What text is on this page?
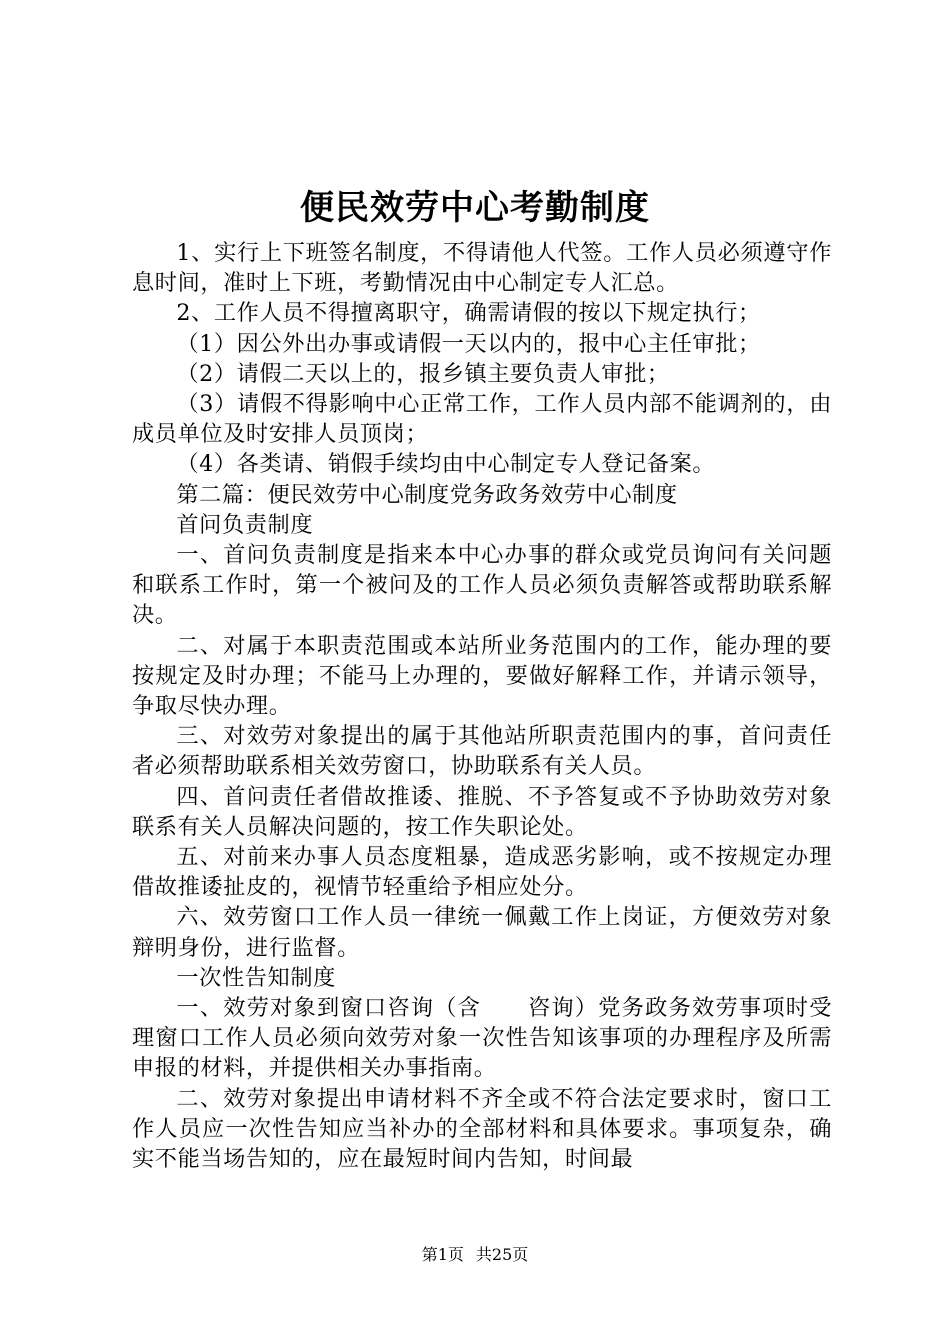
便民效劳中心考勤制度

1、实行上下班签名制度，不得请他人代签。工作人员必须遵守作息时间，准时上下班，考勤情况由中心制定专人汇总。

2、工作人员不得擅离职守，确需请假的按以下规定执行；

（1）因公外出办事或请假一天以内的，报中心主任审批；

（2）请假二天以上的，报乡镇主要负责人审批；

（3）请假不得影响中心正常工作，工作人员内部不能调剂的，由成员单位及时安排人员顶岗；

（4）各类请、销假手续均由中心制定专人登记备案。

第二篇：便民效劳中心制度党务政务效劳中心制度

首问负责制度

一、首问负责制度是指来本中心办事的群众或党员询问有关问题和联系工作时，第一个被问及的工作人员必须负责解答或帮助联系解决。

二、对属于本职责范围或本站所业务范围内的工作，能办理的要按规定及时办理；不能马上办理的，要做好解释工作，并请示领导，争取尽快办理。

三、对效劳对象提出的属于其他站所职责范围内的事，首问责任者必须帮助联系相关效劳窗口，协助联系有关人员。

四、首问责任者借故推诿、推脱、不予答复或不予协助效劳对象联系有关人员解决问题的，按工作失职论处。

五、对前来办事人员态度粗暴，造成恶劣影响，或不按规定办理借故推诿扯皮的，视情节轻重给予相应处分。

六、效劳窗口工作人员一律统一佩戴工作上岗证，方便效劳对象辩明身份，进行监督。

一次性告知制度

一、效劳对象到窗口咨询（含　　咨询）党务政务效劳事项时受理窗口工作人员必须向效劳对象一次性告知该事项的办理程序及所需申报的材料，并提供相关办事指南。

二、效劳对象提出申请材料不齐全或不符合法定要求时，窗口工作人员应一次性告知应当补办的全部材料和具体要求。事项复杂，确实不能当场告知的，应在最短时间内告知，时间最

第1页 共25页
